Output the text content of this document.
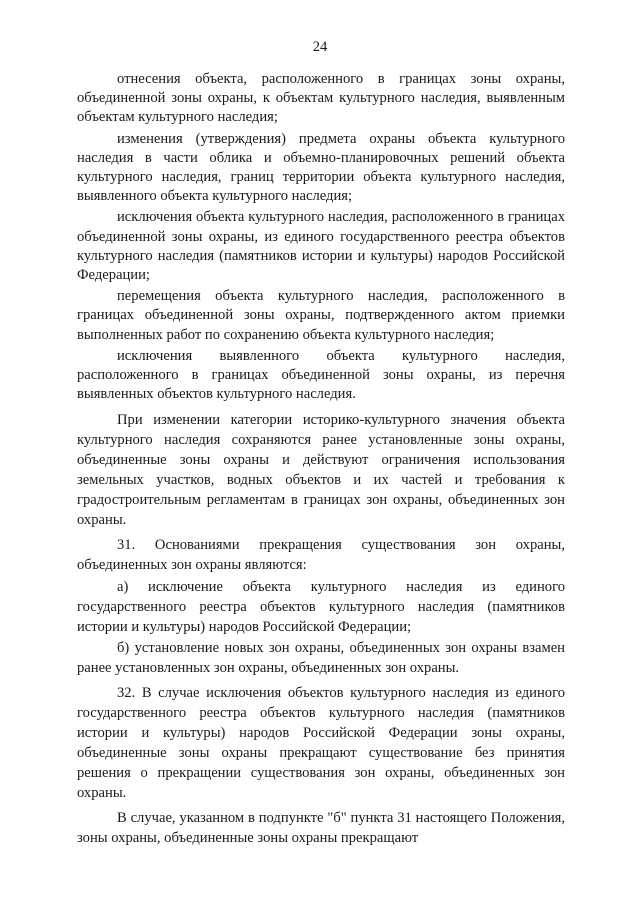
24

отнесения объекта, расположенного в границах зоны охраны, объединенной зоны охраны, к объектам культурного наследия, выявленным объектам культурного наследия;

изменения (утверждения) предмета охраны объекта культурного наследия в части облика и объемно-планировочных решений объекта культурного наследия, границ территории объекта культурного наследия, выявленного объекта культурного наследия;

исключения объекта культурного наследия, расположенного в границах объединенной зоны охраны, из единого государственного реестра объектов культурного наследия (памятников истории и культуры) народов Российской Федерации;

перемещения объекта культурного наследия, расположенного в границах объединенной зоны охраны, подтвержденного актом приемки выполненных работ по сохранению объекта культурного наследия;

исключения выявленного объекта культурного наследия, расположенного в границах объединенной зоны охраны, из перечня выявленных объектов культурного наследия.

При изменении категории историко-культурного значения объекта культурного наследия сохраняются ранее установленные зоны охраны, объединенные зоны охраны и действуют ограничения использования земельных участков, водных объектов и их частей и требования к градостроительным регламентам в границах зон охраны, объединенных зон охраны.

31. Основаниями прекращения существования зон охраны, объединенных зон охраны являются:

а) исключение объекта культурного наследия из единого государственного реестра объектов культурного наследия (памятников истории и культуры) народов Российской Федерации;

б) установление новых зон охраны, объединенных зон охраны взамен ранее установленных зон охраны, объединенных зон охраны.

32. В случае исключения объектов культурного наследия из единого государственного реестра объектов культурного наследия (памятников истории и культуры) народов Российской Федерации зоны охраны, объединенные зоны охраны прекращают существование без принятия решения о прекращении существования зон охраны, объединенных зон охраны.

В случае, указанном в подпункте "б" пункта 31 настоящего Положения, зоны охраны, объединенные зоны охраны прекращают
